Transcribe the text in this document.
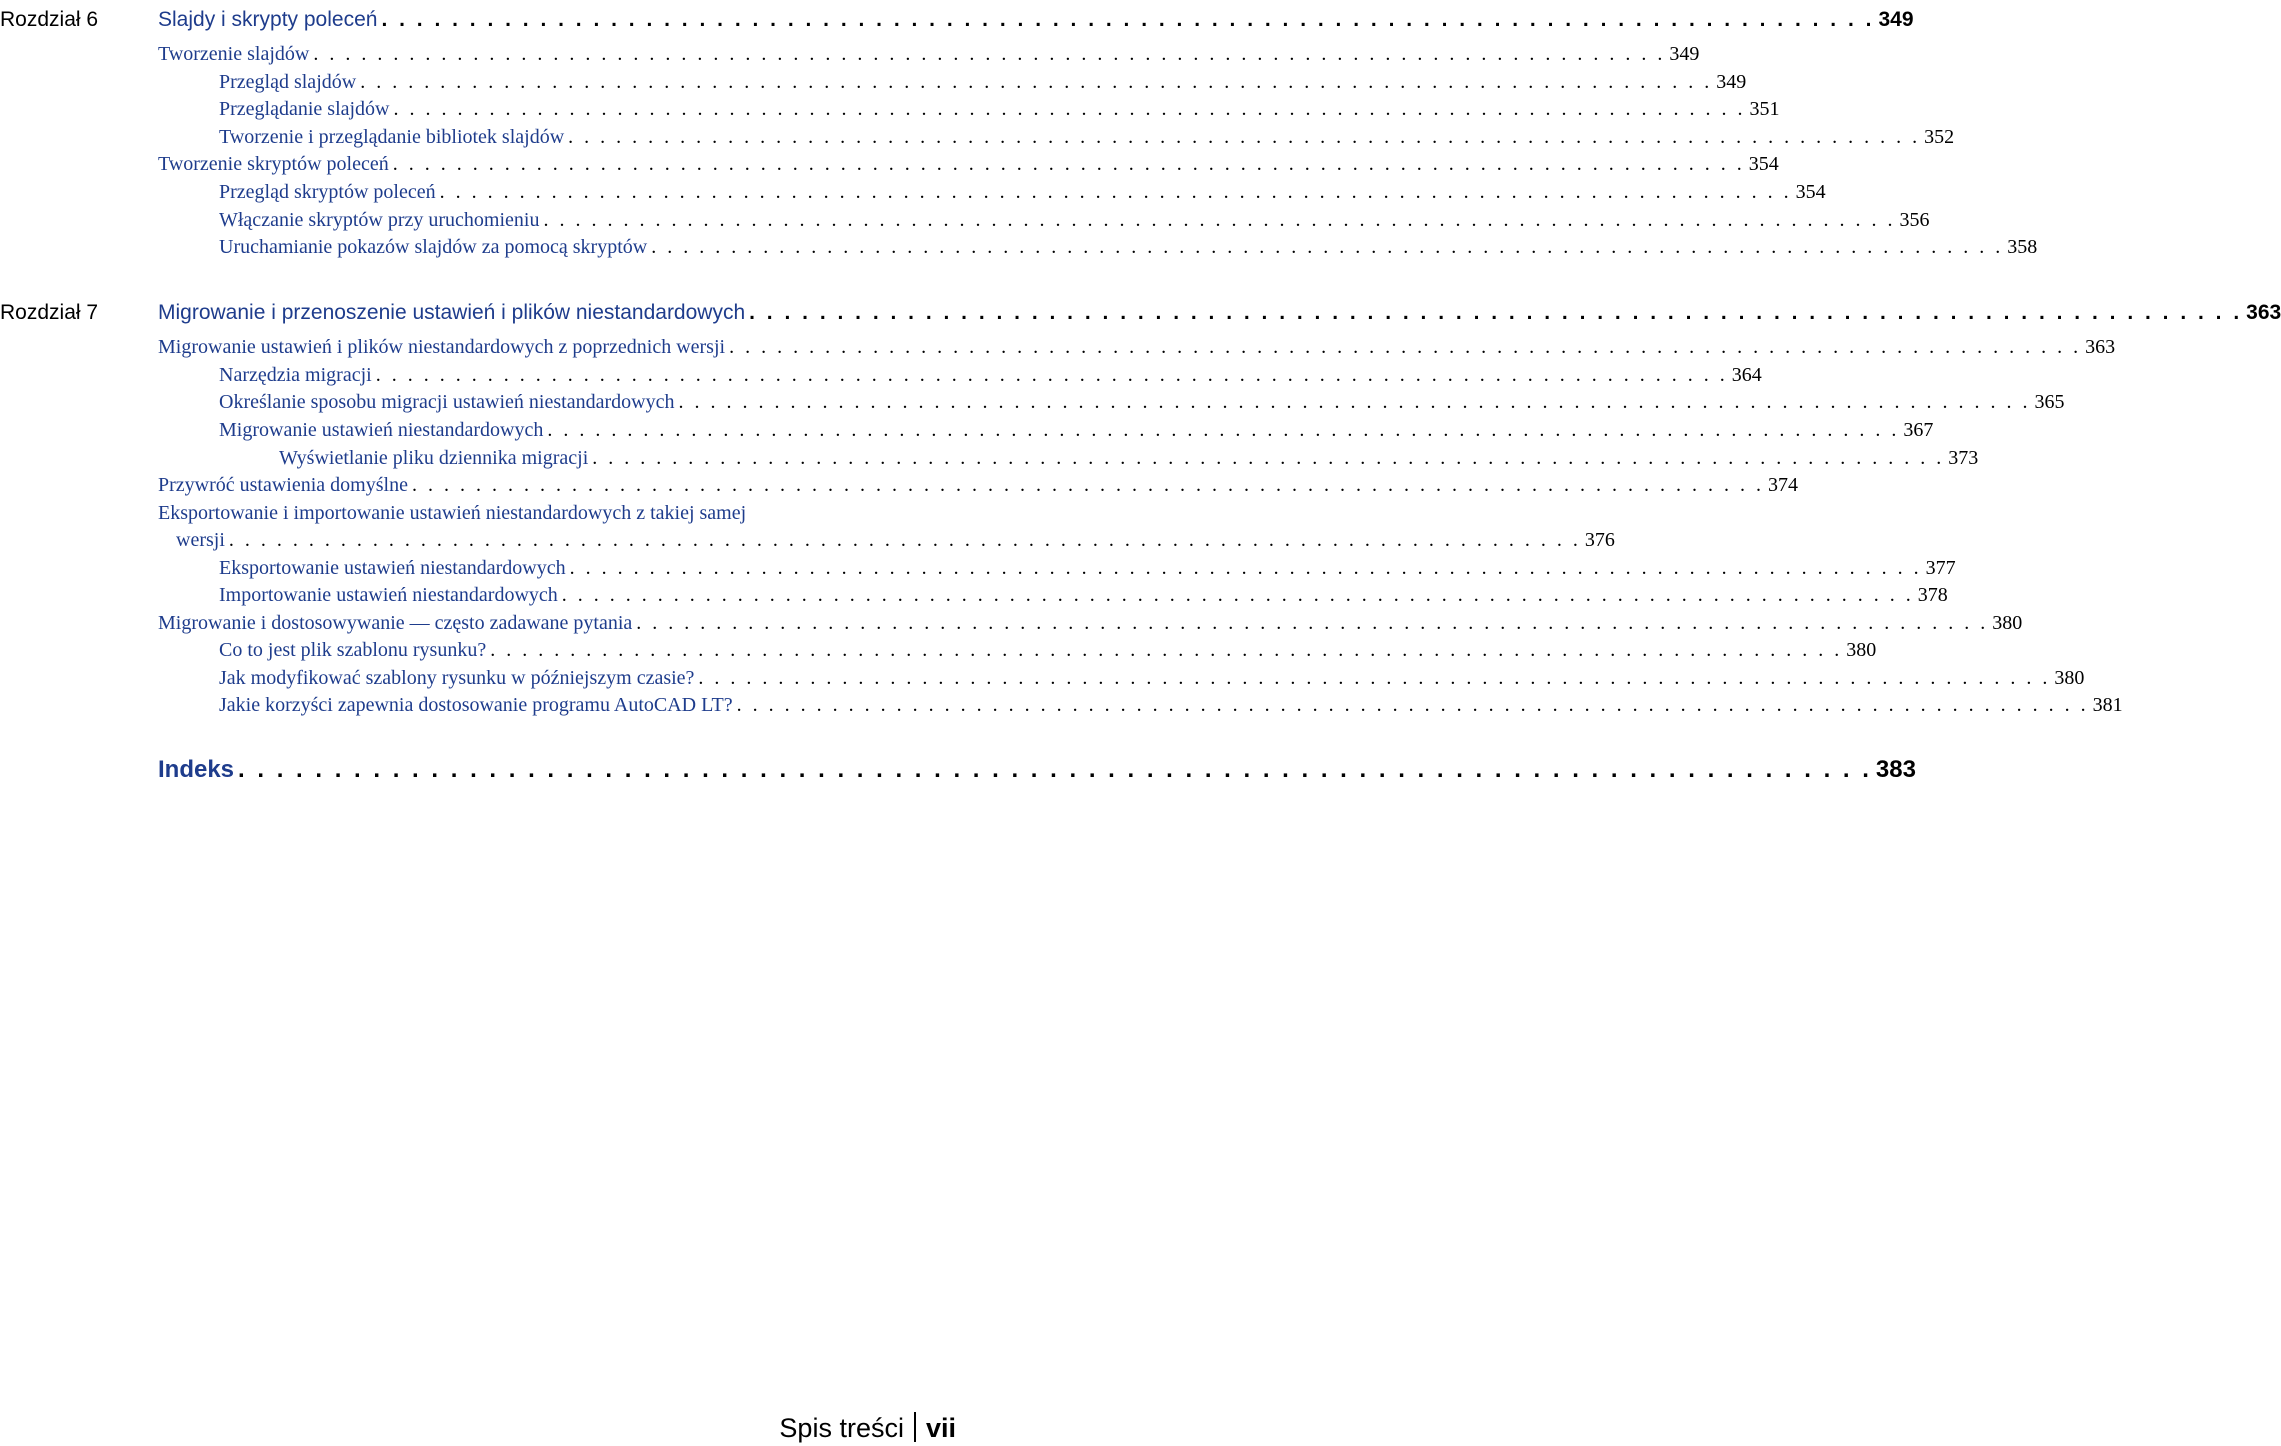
Rozdział 6	Slajdy i skrypty poleceń . . . . . . . . . . . . . . . . . . . . . . . . . . . . . . . . . . . . . . . . . . . . . . . . . . . . . . . . . . . . . . . . . . . . . . . . . . . . . . . . . . . . . 349
Tworzenie slajdów . . . . . . . . . . . . . . . . . . . . . . . . . . . . . . . . . . . . . . . . . . . . . . . . . . . . . . . . . . . . . . . . . . . . . . . . . . . . . . . . . . . . . 349
Przegląd slajdów . . . . . . . . . . . . . . . . . . . . . . . . . . . . . . . . . . . . . . . . . . . . . . . . . . . . . . . . . . . . . . . . . . . . . . . . . . . . . . . . . . . . . 349
Przeglądanie slajdów . . . . . . . . . . . . . . . . . . . . . . . . . . . . . . . . . . . . . . . . . . . . . . . . . . . . . . . . . . . . . . . . . . . . . . . . . . . . . . . . . . . . . 351
Tworzenie i przeglądanie bibliotek slajdów . . . . . . . . . . . . . . . . . . . . . . . . . . . . . . . . . . . . . . . . . . . . . . . . . . . . . . . . . . . . . . . . . . . . . . . . . . . . . . . . . . . . . 352
Tworzenie skryptów poleceń . . . . . . . . . . . . . . . . . . . . . . . . . . . . . . . . . . . . . . . . . . . . . . . . . . . . . . . . . . . . . . . . . . . . . . . . . . . . . . . . . . . . . 354
Przegląd skryptów poleceń . . . . . . . . . . . . . . . . . . . . . . . . . . . . . . . . . . . . . . . . . . . . . . . . . . . . . . . . . . . . . . . . . . . . . . . . . . . . . . . . . . . . . 354
Włączanie skryptów przy uruchomieniu . . . . . . . . . . . . . . . . . . . . . . . . . . . . . . . . . . . . . . . . . . . . . . . . . . . . . . . . . . . . . . . . . . . . . . . . . . . . . . . . . . . . . 356
Uruchamianie pokazów slajdów za pomocą skryptów . . . . . . . . . . . . . . . . . . . . . . . . . . . . . . . . . . . . . . . . . . . . . . . . . . . . . . . . . . . . . . . . . . . . . . . . . . . . . . . . . . . . . 358
Rozdział 7	Migrowanie i przenoszenie ustawień i plików niestandardowych . . . . . . . . . . . . . . . . . . . . . . . . . . . . . . . . . . . . . . . . . . . . . . . . . . . . . . . . . . . . . . . . . . . . . . . . . . . . . . . . . . . . . 363
Migrowanie ustawień i plików niestandardowych z poprzednich wersji . . . . . . . . . . . . . . . . . . . . . . . . . . . . . . . . . . . . . . . . . . . . . . . . . . . . . . . . . . . . . . . . . . . . . . . . . . . . . . . . . . . . . 363
Narzędzia migracji . . . . . . . . . . . . . . . . . . . . . . . . . . . . . . . . . . . . . . . . . . . . . . . . . . . . . . . . . . . . . . . . . . . . . . . . . . . . . . . . . . . . . 364
Określanie sposobu migracji ustawień niestandardowych . . . . . . . . . . . . . . . . . . . . . . . . . . . . . . . . . . . . . . . . . . . . . . . . . . . . . . . . . . . . . . . . . . . . . . . . . . . . . . . . . . . . . 365
Migrowanie ustawień niestandardowych . . . . . . . . . . . . . . . . . . . . . . . . . . . . . . . . . . . . . . . . . . . . . . . . . . . . . . . . . . . . . . . . . . . . . . . . . . . . . . . . . . . . . 367
Wyświetlanie pliku dziennika migracji . . . . . . . . . . . . . . . . . . . . . . . . . . . . . . . . . . . . . . . . . . . . . . . . . . . . . . . . . . . . . . . . . . . . . . . . . . . . . . . . . . . . . 373
Przywróć ustawienia domyślne . . . . . . . . . . . . . . . . . . . . . . . . . . . . . . . . . . . . . . . . . . . . . . . . . . . . . . . . . . . . . . . . . . . . . . . . . . . . . . . . . . . . . 374
Eksportowanie i importowanie ustawień niestandardowych z takiej samej
wersji . . . . . . . . . . . . . . . . . . . . . . . . . . . . . . . . . . . . . . . . . . . . . . . . . . . . . . . . . . . . . . . . . . . . . . . . . . . . . . . . . . . . . 376
Eksportowanie ustawień niestandardowych . . . . . . . . . . . . . . . . . . . . . . . . . . . . . . . . . . . . . . . . . . . . . . . . . . . . . . . . . . . . . . . . . . . . . . . . . . . . . . . . . . . . . 377
Importowanie ustawień niestandardowych . . . . . . . . . . . . . . . . . . . . . . . . . . . . . . . . . . . . . . . . . . . . . . . . . . . . . . . . . . . . . . . . . . . . . . . . . . . . . . . . . . . . . 378
Migrowanie i dostosowywanie — często zadawane pytania . . . . . . . . . . . . . . . . . . . . . . . . . . . . . . . . . . . . . . . . . . . . . . . . . . . . . . . . . . . . . . . . . . . . . . . . . . . . . . . . . . . . . 380
Co to jest plik szablonu rysunku? . . . . . . . . . . . . . . . . . . . . . . . . . . . . . . . . . . . . . . . . . . . . . . . . . . . . . . . . . . . . . . . . . . . . . . . . . . . . . . . . . . . . . 380
Jak modyfikować szablony rysunku w późniejszym czasie? . . . . . . . . . . . . . . . . . . . . . . . . . . . . . . . . . . . . . . . . . . . . . . . . . . . . . . . . . . . . . . . . . . . . . . . . . . . . . . . . . . . . . 380
Jakie korzyści zapewnia dostosowanie programu AutoCAD LT? . . . . . . . . . . . . . . . . . . . . . . . . . . . . . . . . . . . . . . . . . . . . . . . . . . . . . . . . . . . . . . . . . . . . . . . . . . . . . . . . . . . . . 381
Indeks . . . . . . . . . . . . . . . . . . . . . . . . . . . . . . . . . . . . . . . . . . . . . . . . . . . . . . . . . . . . . . . . . . . . . . . . . . . . . . . . . . . . . 383
Spis treści vii
